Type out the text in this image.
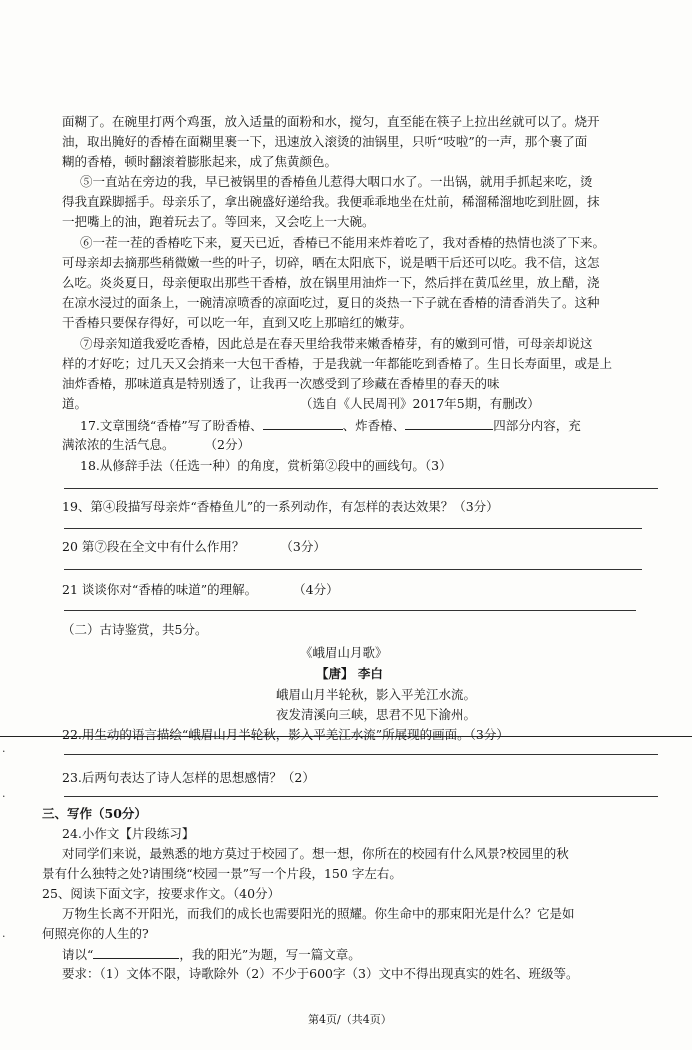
面糊了。在碗里打两个鸡蛋，放入适量的面粉和水，搅匀，直至能在筷子上拉出丝就可以了。烧开
油，取出腌好的香椿在面糊里裹一下，迅速放入滚烫的油锅里，只听“吱啦”的一声，那个裹了面
糊的香椿，顿时翻滚着膨胀起来，成了焦黄颜色。
⑤一直站在旁边的我，早已被锅里的香椿鱼儿惹得大咽口水了。一出锅，就用手抓起来吃，烫
得我直跺脚摇手。母亲乐了，拿出碗盛好递给我。我便乖乖地坐在灶前，稀溜稀溜地吃到肚圆，抹
一把嘴上的油，跑着玩去了。等回来，又会吃上一大碗。
⑥一茬一茬的香椿吃下来，夏天已近，香椿已不能用来炸着吃了，我对香椿的热情也淡了下来。
可母亲却去摘那些稍微嫩一些的叶子，切碎，晒在太阳底下，说是晒干后还可以吃。我不信，这怎
么吃。炎炎夏日，母亲便取出那些干香椿，放在锅里用油炸一下，然后拌在黄瓜丝里，放上醋，浇
在凉水浸过的面条上，一碗清凉喷香的凉面吃过，夏日的炎热一下子就在香椿的清香消失了。这种
干香椿只要保存得好，可以吃一年，直到又吃上那暗红的嫩芽。
⑦母亲知道我爱吃香椿，因此总是在春天里给我带来嫩香椿芽，有的嫩到可惜，可母亲却说这
样的才好吃；过几天又会捎来一大包干香椿，于是我就一年都能吃到香椿了。生日长寿面里，或是上
油炸香椿，那味道真是特别透了，让我再一次感受到了珍藏在香椿里的春天的味
道。	（选自《人民周刊》2017年5期，有删改）
17.文章围绕“香椿”写了盼香椿、	、炸香椿、	四部分内容，充
满浓浓的生活气息。 （2分）
18.从修辞手法（任选一种）的角度，赏析第②段中的画线句。（3）
19、第④段描写母亲炸“香椿鱼儿”的一系列动作，有怎样的表达效果？（3分）
20 第⑦段在全文中有什么作用？	（3分）
21 谈谈你对“香椿的味道”的理解。	（4分）
（二）古诗鉴赏，共5分。
《峨眉山月歌》
【唐】 李白
峨眉山月半轮秋，影入平羌江水流。
夜发清溪向三峡，思君不见下渝州。
22.用生动的语言描绘“峨眉山月半轮秋，影入平羌江水流”所展现的画面。（3分）
23.后两句表达了诗人怎样的思想感情？（2）
三、写作（50分）
24.小作文【片段练习】
对同学们来说，最熟悉的地方莫过于校园了。想一想，你所在的校园有什么风景?校园里的秋
景有什么独特之处?请围绕“校园一景”写一个片段，150 字左右。
25、阅读下面文字，按要求作文。（40分）
万物生长离不开阳光，而我们的成长也需要阳光的照耀。你生命中的那束阳光是什么？它是如
何照亮你的人生的?
请以“	，我的阳光”为题，写一篇文章。
要求：（1）文体不限，诗歌除外（2）不少于600字（3）文中不得出现真实的姓名、班级等。
第4页/（共4页）
·
·
·
